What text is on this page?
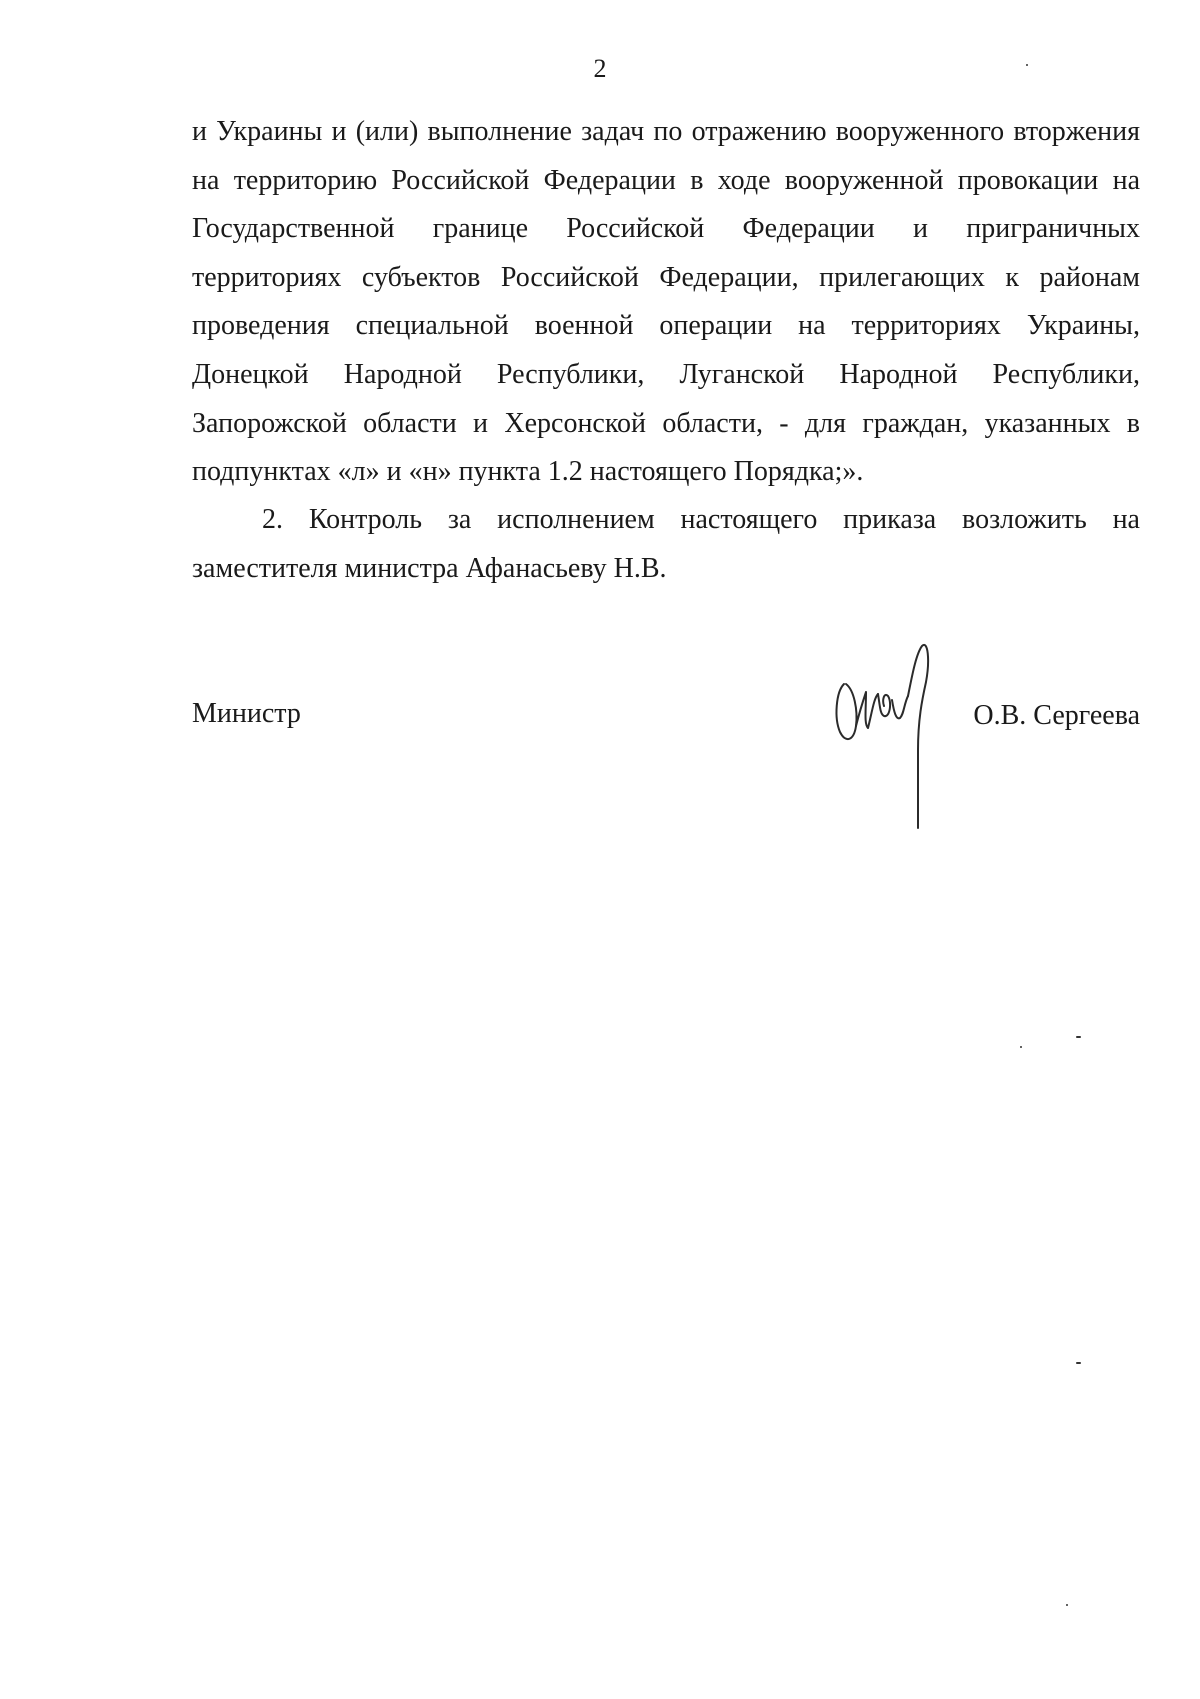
2

и Украины и (или) выполнение задач по отражению вооруженного вторжения на территорию Российской Федерации в ходе вооруженной провокации на Государственной границе Российской Федерации и приграничных территориях субъектов Российской Федерации, прилегающих к районам проведения специальной военной операции на территориях Украины, Донецкой Народной Республики, Луганской Народной Республики, Запорожской области и Херсонской области, - для граждан, указанных в подпунктах «л» и «н» пункта 1.2 настоящего Порядка;».

2. Контроль за исполнением настоящего приказа возложить на заместителя министра Афанасьеву Н.В.

Министр	О.В. Сергеева
